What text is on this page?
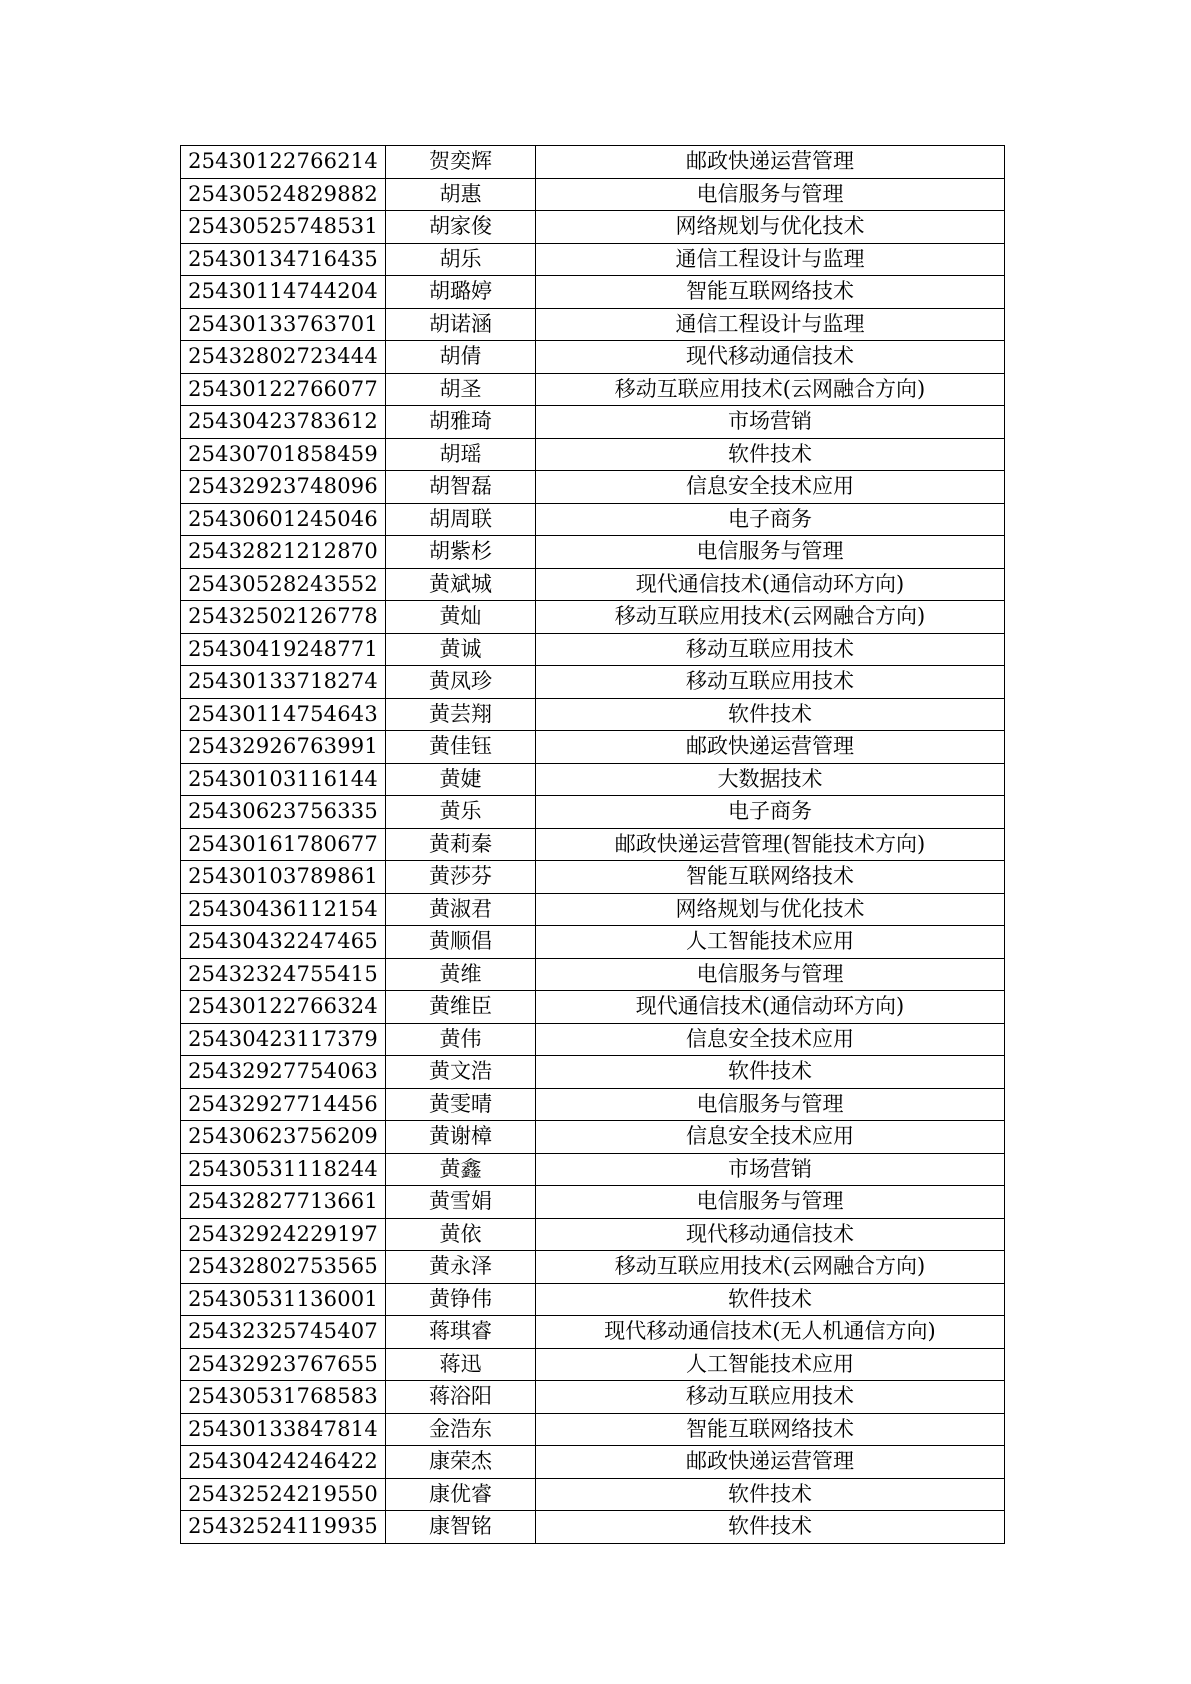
25430122766214	贺奕辉	邮政快递运营管理
25430524829882	胡惠	电信服务与管理
25430525748531	胡家俊	网络规划与优化技术
25430134716435	胡乐	通信工程设计与监理
25430114744204	胡璐婷	智能互联网络技术
25430133763701	胡诺涵	通信工程设计与监理
25432802723444	胡倩	现代移动通信技术
25430122766077	胡圣	移动互联应用技术(云网融合方向)
25430423783612	胡雅琦	市场营销
25430701858459	胡瑶	软件技术
25432923748096	胡智磊	信息安全技术应用
25430601245046	胡周联	电子商务
25432821212870	胡紫杉	电信服务与管理
25430528243552	黄斌城	现代通信技术(通信动环方向)
25432502126778	黄灿	移动互联应用技术(云网融合方向)
25430419248771	黄诚	移动互联应用技术
25430133718274	黄凤珍	移动互联应用技术
25430114754643	黄芸翔	软件技术
25432926763991	黄佳钰	邮政快递运营管理
25430103116144	黄婕	大数据技术
25430623756335	黄乐	电子商务
25430161780677	黄莉秦	邮政快递运营管理(智能技术方向)
25430103789861	黄莎芬	智能互联网络技术
25430436112154	黄淑君	网络规划与优化技术
25430432247465	黄顺倡	人工智能技术应用
25432324755415	黄维	电信服务与管理
25430122766324	黄维臣	现代通信技术(通信动环方向)
25430423117379	黄伟	信息安全技术应用
25432927754063	黄文浩	软件技术
25432927714456	黄雯晴	电信服务与管理
25430623756209	黄谢樟	信息安全技术应用
25430531118244	黄鑫	市场营销
25432827713661	黄雪娟	电信服务与管理
25432924229197	黄依	现代移动通信技术
25432802753565	黄永泽	移动互联应用技术(云网融合方向)
25430531136001	黄铮伟	软件技术
25432325745407	蒋琪睿	现代移动通信技术(无人机通信方向)
25432923767655	蒋迅	人工智能技术应用
25430531768583	蒋浴阳	移动互联应用技术
25430133847814	金浩东	智能互联网络技术
25430424246422	康荣杰	邮政快递运营管理
25432524219550	康优睿	软件技术
25432524119935	康智铭	软件技术
